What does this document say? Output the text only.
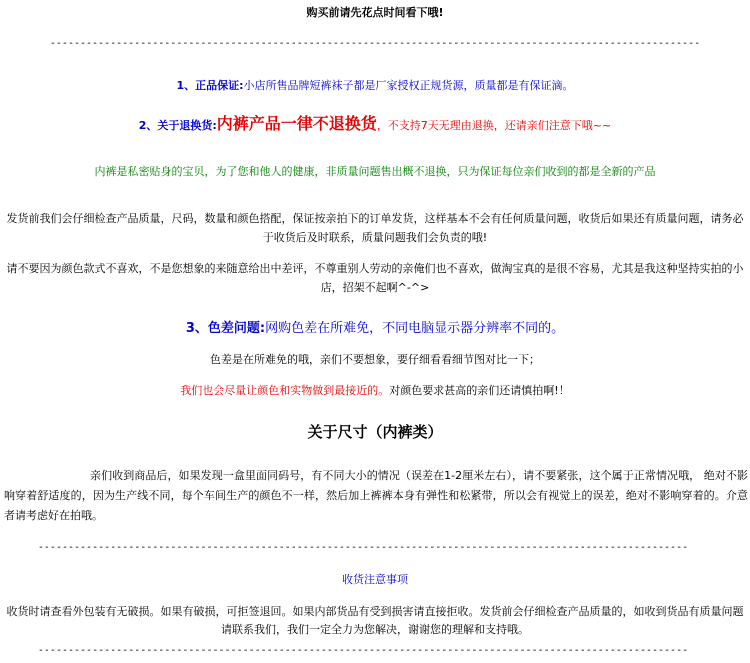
购买前请先花点时间看下哦!
------------------------------------------------------------------------------------------------------------
1、正品保证:小店所售品牌短裤袜子都是厂家授权正规货源，质量都是有保证滴。
2、关于退换货:内裤产品一律不退换货，不支持7天无理由退换，还请亲们注意下哦~~
内裤是私密贴身的宝贝，为了您和他人的健康，非质量问题售出概不退换，只为保证每位亲们收到的都是全新的产品
发货前我们会仔细检查产品质量，尺码，数量和颜色搭配，保证按亲拍下的订单发货，这样基本不会有任何质量问题，收货后如果还有质量问题，请务必于收货后及时联系，质量问题我们会负责的哦!
请不要因为颜色款式不喜欢，不是您想象的来随意给出中差评，不尊重别人劳动的亲俺们也不喜欢，做淘宝真的是很不容易，尤其是我这种坚持实拍的小店，招架不起啊^-^>
3、色差问题:网购色差在所难免，不同电脑显示器分辨率不同的。
色差是在所难免的哦，亲们不要想象，要仔细看看细节图对比一下；
我们也会尽量让颜色和实物做到最接近的。对颜色要求甚高的亲们还请慎拍啊!！
关于尺寸（内裤类）
亲们收到商品后，如果发现一盒里面同码号，有不同大小的情况（误差在1-2厘米左右），请不要紧张，这个属于正常情况哦， 绝对不影响穿着舒适度的，因为生产线不同，每个车间生产的颜色不一样，然后加上裤裤本身有弹性和松紧带，所以会有视觉上的误差，绝对不影响穿着的。介意者请考虑好在拍哦。
------------------------------------------------------------------------------------------------------------
收货注意事项
收货时请查看外包装有无破损。如果有破损，可拒签退回。如果内部货品有受到损害请直接拒收。发货前会仔细检查产品质量的，如收到货品有质量问题请联系我们，我们一定全力为您解决，谢谢您的理解和支持哦。
------------------------------------------------------------------------------------------------------------
